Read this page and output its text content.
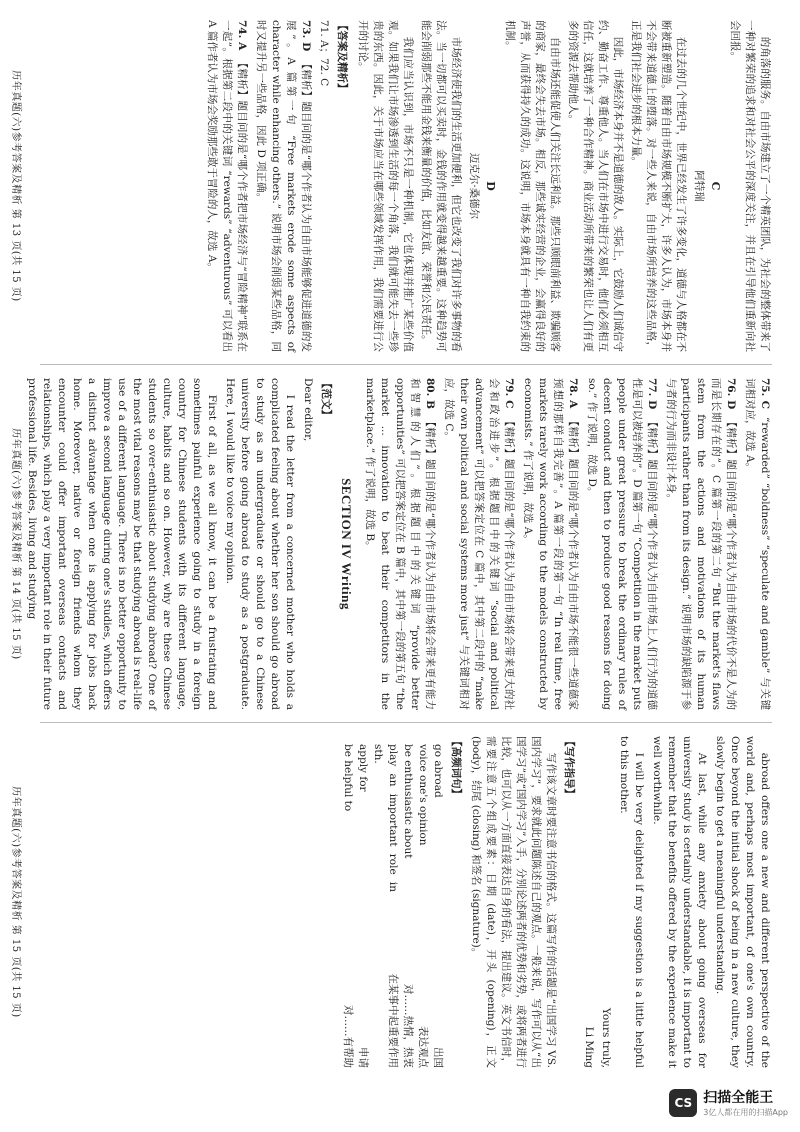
的角落的服务。自由市场建立了一个精英团队，为社会的整体带来了一种对繁荣的追求和对社会公平的深度关注，并且在引导他们重新向社会回报。

C
阿特瑞

在过去的几个世纪中，世界已经发生了许多变化，道德与人格都在不断被重新塑造。随着自由市场规模不断扩大，许多人认为，市场本身并不会带来道德上的堕落。对一些人来说，自由市场所培养的这些品格，正是我们社会进步的根本力量。

因此，市场经济本身并不是道德的敌人。实际上，它鼓励人们诚信守约、勤奋工作、尊重他人。当人们在市场中进行交易时，他们必须相互信任，这就培养了一种合作精神。商业活动所带来的繁荣也让人们有更多的资源去帮助他人。

自由市场还能促使人们关注长远利益。那些只顾眼前利益、欺骗顾客的商家，最终会失去市场。相反，那些诚实经营的企业，会赢得良好的声誉，从而获得持久的成功。这说明，市场本身就具有一种自我约束的机制。

D
迈克尔·桑德尔

市场经济使我们的生活更加便利，但它也改变了我们对许多事物的看法。当一切都可以买卖时，金钱的作用就变得越来越重要。这种趋势可能会削弱那些不能用金钱来衡量的价值，比如友谊、荣誉和公民责任。

我们应当认识到，市场不只是一种机制，它也体现并推广某些价值观。如果我们让市场渗透到生活的每一个角落，我们就可能失去一些珍贵的东西。因此，关于市场应当在哪些领域发挥作用，我们需要进行公开的讨论。

【答案及精析】
71. A；72. C
73. D 【精析】题目问的是“哪个作者认为自由市场能够促进道德的发展”。A 篇第一句 “Free markets erode some aspects of character while enhancing others.” 说明市场会削弱某些品格，同时又提升另一些品格，因此 D 项正确。
74. A 【精析】题目问的是“哪个作者把市场经济与“冒险精神”联系在一起”。根据第二段中的关键词 “rewards” “adventurous” 可以看出 A 篇作者认为市场会奖励那些敢于冒险的人，故选 A。
75. C “rewarded” “boldness” “speculate and gamble” 与关键词相对应，故选 A。
76. D 【精析】题目问的是“哪个作者认为自由市场的代价不是人为的而是长期存在的”。C 篇第一段的第二句 “But the market's flaws stem from the actions and motivations of its human participants rather than from its design.” 说明市场的缺陷源于参与者的行为而非设计本身。
77. D 【精析】题目问的是“哪个作者认为自由市场上人们行为的道德性是可以被培养的”。D 篇第一句 “Competition in the market puts people under great pressure to break the ordinary rules of decent conduct and then to produce good reasons for doing so.” 作了说明，故选 D。
78. A 【精析】题目问的是“哪个作者认为自由市场不能很一些道德家预想的那样自我完善”。A 篇第一段的第一句 “In real time, free markets rarely work according to the models constructed by economists.” 作了说明，故选 A。
79. C 【精析】题目问的是“哪个作者认为自由市场将会带来更大的社会和政治进步”。根据题目中的关键词 “social and political advancement” 可以把答案定位在 C 篇中，其中第二段中的 “make their own political and social systems more just” 与关键词相对应，故选 C。
80. B 【精析】题目问的是“哪个作者认为自由市场将会带来更有能力和智慧的人们”。根据题目中的关键词 “provide better opportunities” 可以把答案定位在 B 篇中，其中第一段的第五句 “the market ... innovation to beat their competitors in the marketplace.” 作了说明，故选 B。
SECTION IV Writing
【范文】
Dear editor,

I read the letter from a concerned mother who holds a complicated feeling about whether her son should go abroad to study as an undergraduate or should go to a Chinese university before going abroad to study as a postgraduate. Here, I would like to voice my opinion.

First of all, as we all know, it can be a frustrating and sometimes painful experience going to study in a foreign country for Chinese students with its different language, culture, habits and so on. However, why are these Chinese students so over-enthusiastic about studying abroad? One of the most vital reasons may be that studying abroad is real-life use of a different language. There is no better opportunity to improve a second language during one's studies, which offers a distinct advantage when one is applying for jobs back home. Moreover, native or foreign friends whom they encounter could offer important overseas contacts and relationships, which play a very important role in their future professional life. Besides, living and studying

abroad offers one a new and different perspective of the world and, perhaps most important, of one's own country. Once beyond the initial shock of being in a new culture, they slowly begin to get a meaningful understanding.

At last, while any anxiety about going overseas for university study is certainly understandable, it is important to remember that the benefits offered by the experience make it well worthwhile.

I will be very delighted if my suggestion is a little helpful to this mother.

Yours truly,
Li Ming
【写作指导】

写作该文章时要注意书信的格式。这篇写作的话题是“出国学习 VS. 国内学习”，要求就此问题陈述自己的观点。一般来说，写作可以从“出国学习”或“国内学习”入手，分别论述两者的优势和劣势，或将两者进行比较，也可以从一方面直接表达自身的看法，提出建议。英文书信时，需要注意五个组成要素：日期 (date)，开头 (opening)，正文 (body)，结尾 (closing) 和签名 (signature)。

【高频词句】
go abroad
出国
voice one's opinion
表达观点
be enthusiastic about
对……热情，热衷
play an important role in sth.
在某事中起重要作用
apply for
申请
be helpful to
对……有帮助
历年真题(六)参考答案及精析 第 13 页(共 15 页)
历年真题(六)参考答案及精析 第 14 页(共 15 页)
历年真题(六)参考答案及精析 第 15 页(共 15 页)
CS 扫描全能王
3亿人都在用的扫描App
